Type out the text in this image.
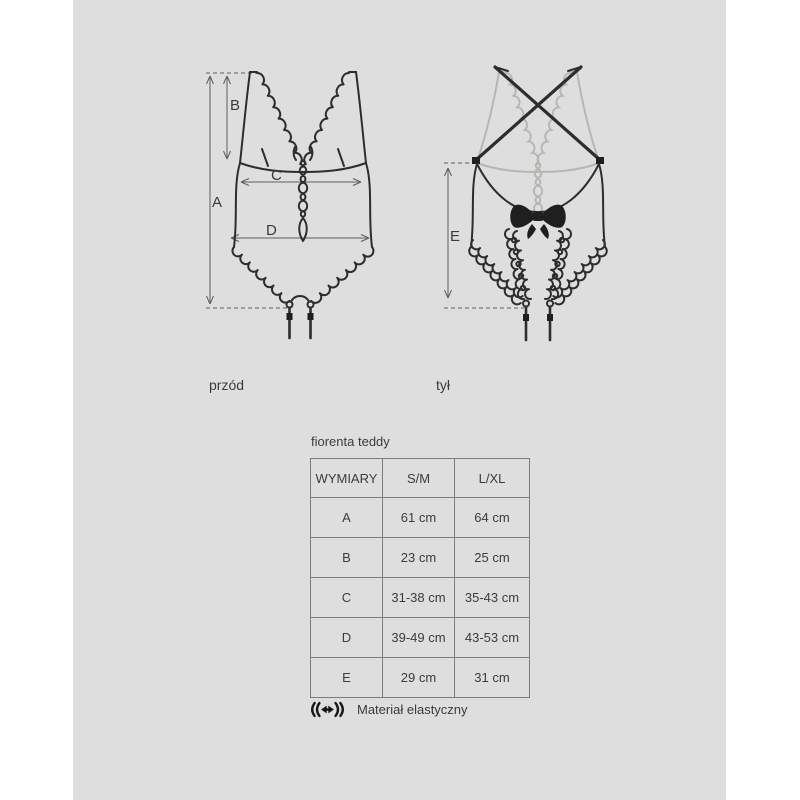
A
B
C
D	E
przód	tył
fiorenta teddy
WYMIARY	S/M	L/XL
A	61 cm	64 cm
B	23 cm	25 cm
C	31-38 cm	35-43 cm
D	39-49 cm	43-53 cm
E	29 cm	31 cm
Materiał elastyczny
